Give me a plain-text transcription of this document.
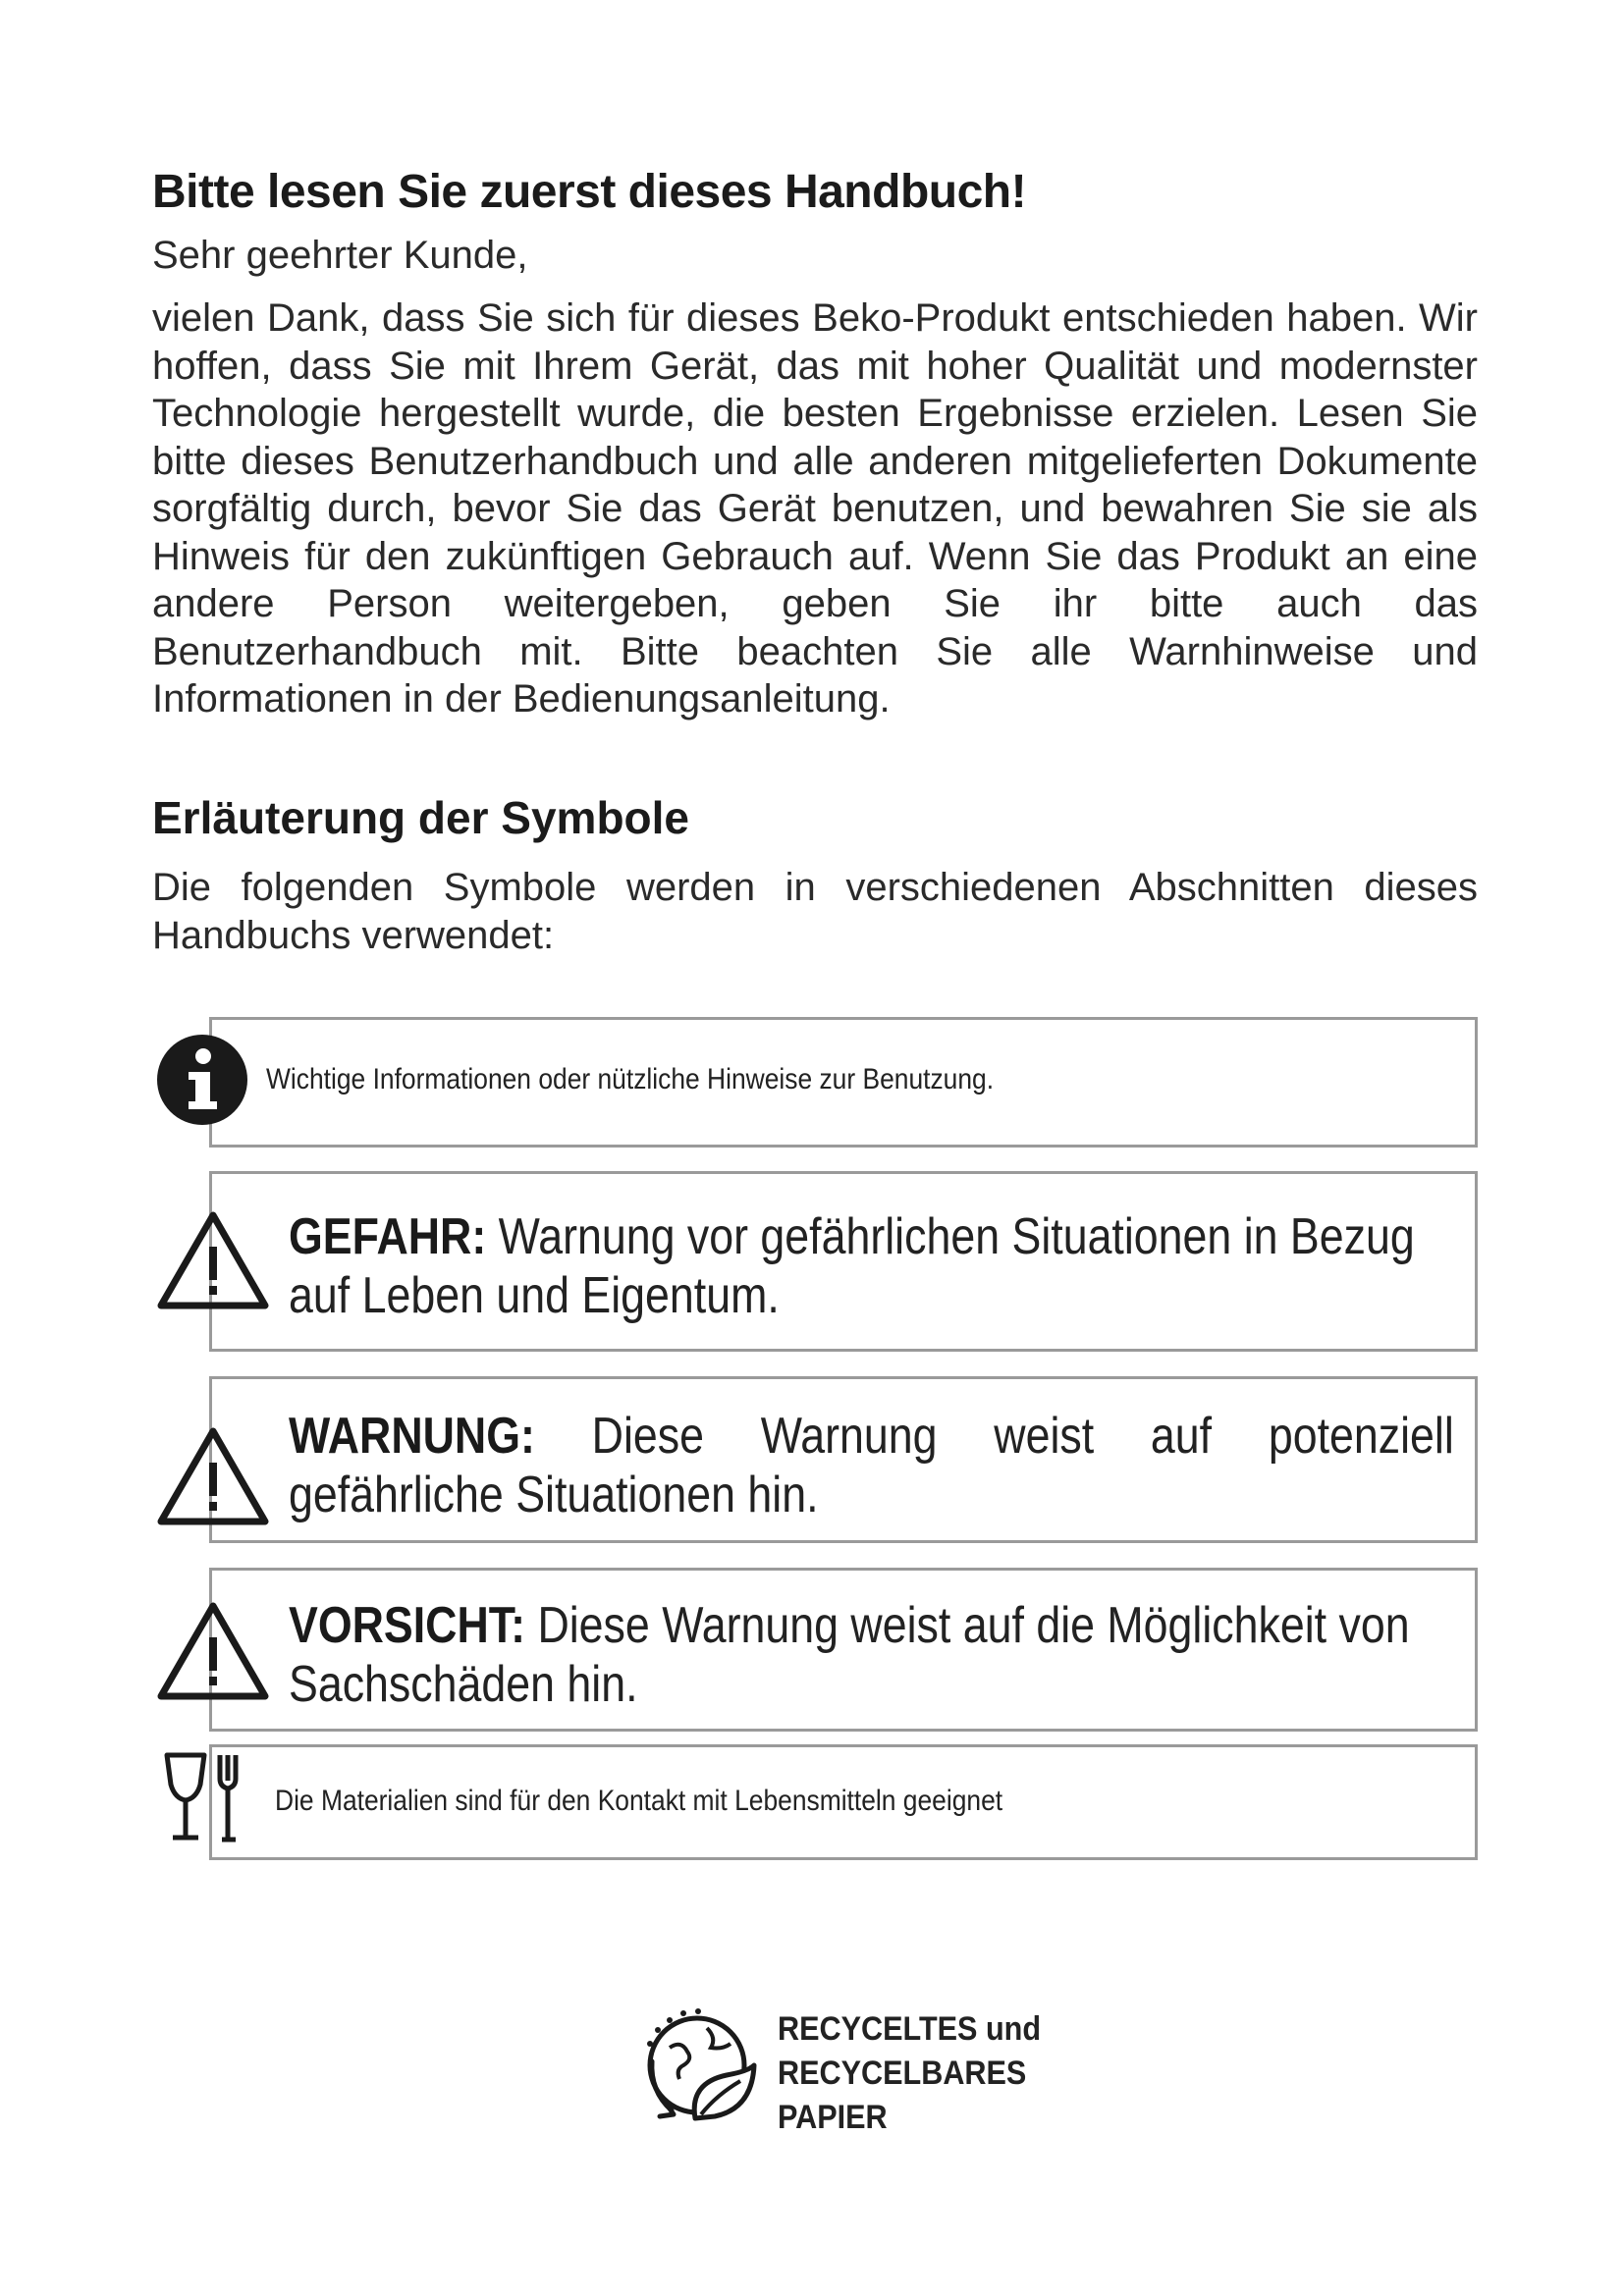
Bitte lesen Sie zuerst dieses Handbuch!

Sehr geehrter Kunde,

vielen Dank, dass Sie sich für dieses Beko-Produkt entschieden haben. Wir hoffen, dass Sie mit Ihrem Gerät, das mit hoher Qualität und modernster Technologie hergestellt wurde, die besten Ergebnisse erzielen. Lesen Sie bitte dieses Benutzerhandbuch und alle anderen mitgelieferten Dokumente sorgfältig durch, bevor Sie das Gerät benutzen, und bewahren Sie sie als Hinweis für den zukünftigen Gebrauch auf. Wenn Sie das Produkt an eine andere Person weitergeben, geben Sie ihr bitte auch das Benutzerhandbuch mit. Bitte beachten Sie alle Warnhinweise und Informationen in der Bedienungsanleitung.

Erläuterung der Symbole

Die folgenden Symbole werden in verschiedenen Abschnitten dieses Handbuchs verwendet:

Wichtige Informationen oder nützliche Hinweise zur Benutzung.
GEFAHR: Warnung vor gefährlichen Situationen in Bezug auf Leben und Eigentum.
WARNUNG: Diese Warnung weist auf potenziell gefährliche Situationen hin.
VORSICHT: Diese Warnung weist auf die Möglichkeit von Sachschäden hin.
Die Materialien sind für den Kontakt mit Lebensmitteln geeignet
RECYCELTES und
RECYCELBARES
PAPIER
